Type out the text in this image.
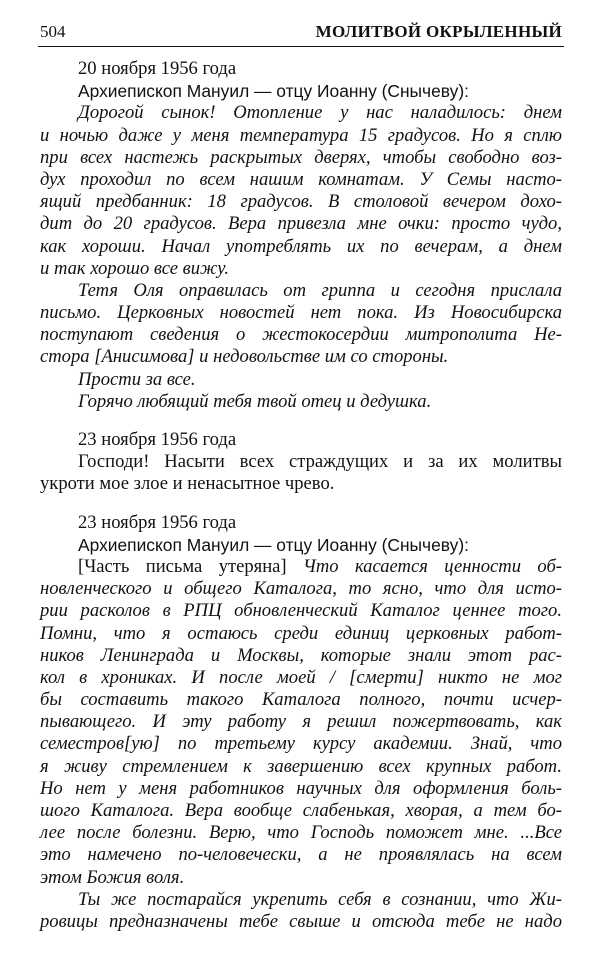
504	МОЛИТВОЙ ОКРЫЛЕННЫЙ
20 ноября 1956 года
Архиепископ Мануил — отцу Иоанну (Снычеву):
Дорогой сынок! Отопление у нас наладилось: днем
и ночью даже у меня температура 15 градусов. Но я сплю
при всех настежь раскрытых дверях, чтобы свободно воз-
дух проходил по всем нашим комнатам. У Семы насто-
ящий предбанник: 18 градусов. В столовой вечером дохо-
дит до 20 градусов. Вера привезла мне очки: просто чудо,
как хороши. Начал употреблять их по вечерам, а днем
и так хорошо все вижу.
Тетя Оля оправилась от гриппа и сегодня прислала
письмо. Церковных новостей нет пока. Из Новосибирска
поступают сведения о жестокосердии митрополита Не-
стора [Анисимова] и недовольстве им со стороны.
Прости за все.
Горячо любящий тебя твой отец и дедушка.
23 ноября 1956 года
Господи! Насыти всех страждущих и за их молитвы
укроти мое злое и ненасытное чрево.
23 ноября 1956 года
Архиепископ Мануил — отцу Иоанну (Снычеву):
[Часть письма утеряна] Что касается ценности об-
новленческого и общего Каталога, то ясно, что для исто-
рии расколов в РПЦ обновленческий Каталог ценнее того.
Помни, что я остаюсь среди единиц церковных работ-
ников Ленинграда и Москвы, которые знали этот рас-
кол в хрониках. И после моей / [смерти] никто не мог
бы составить такого Каталога полного, почти исчер-
пывающего. И эту работу я решил пожертвовать, как
семестров[ую] по третьему курсу академии. Знай, что
я живу стремлением к завершению всех крупных работ.
Но нет у меня работников научных для оформления боль-
шого Каталога. Вера вообще слабенькая, хворая, а тем бо-
лее после болезни. Верю, что Господь поможет мне. ...Все
это намечено по-человечески, а не проявлялась на всем
этом Божия воля.
Ты же постарайся укрепить себя в сознании, что Жи-
ровицы предназначены тебе свыше и отсюда тебе не надо
